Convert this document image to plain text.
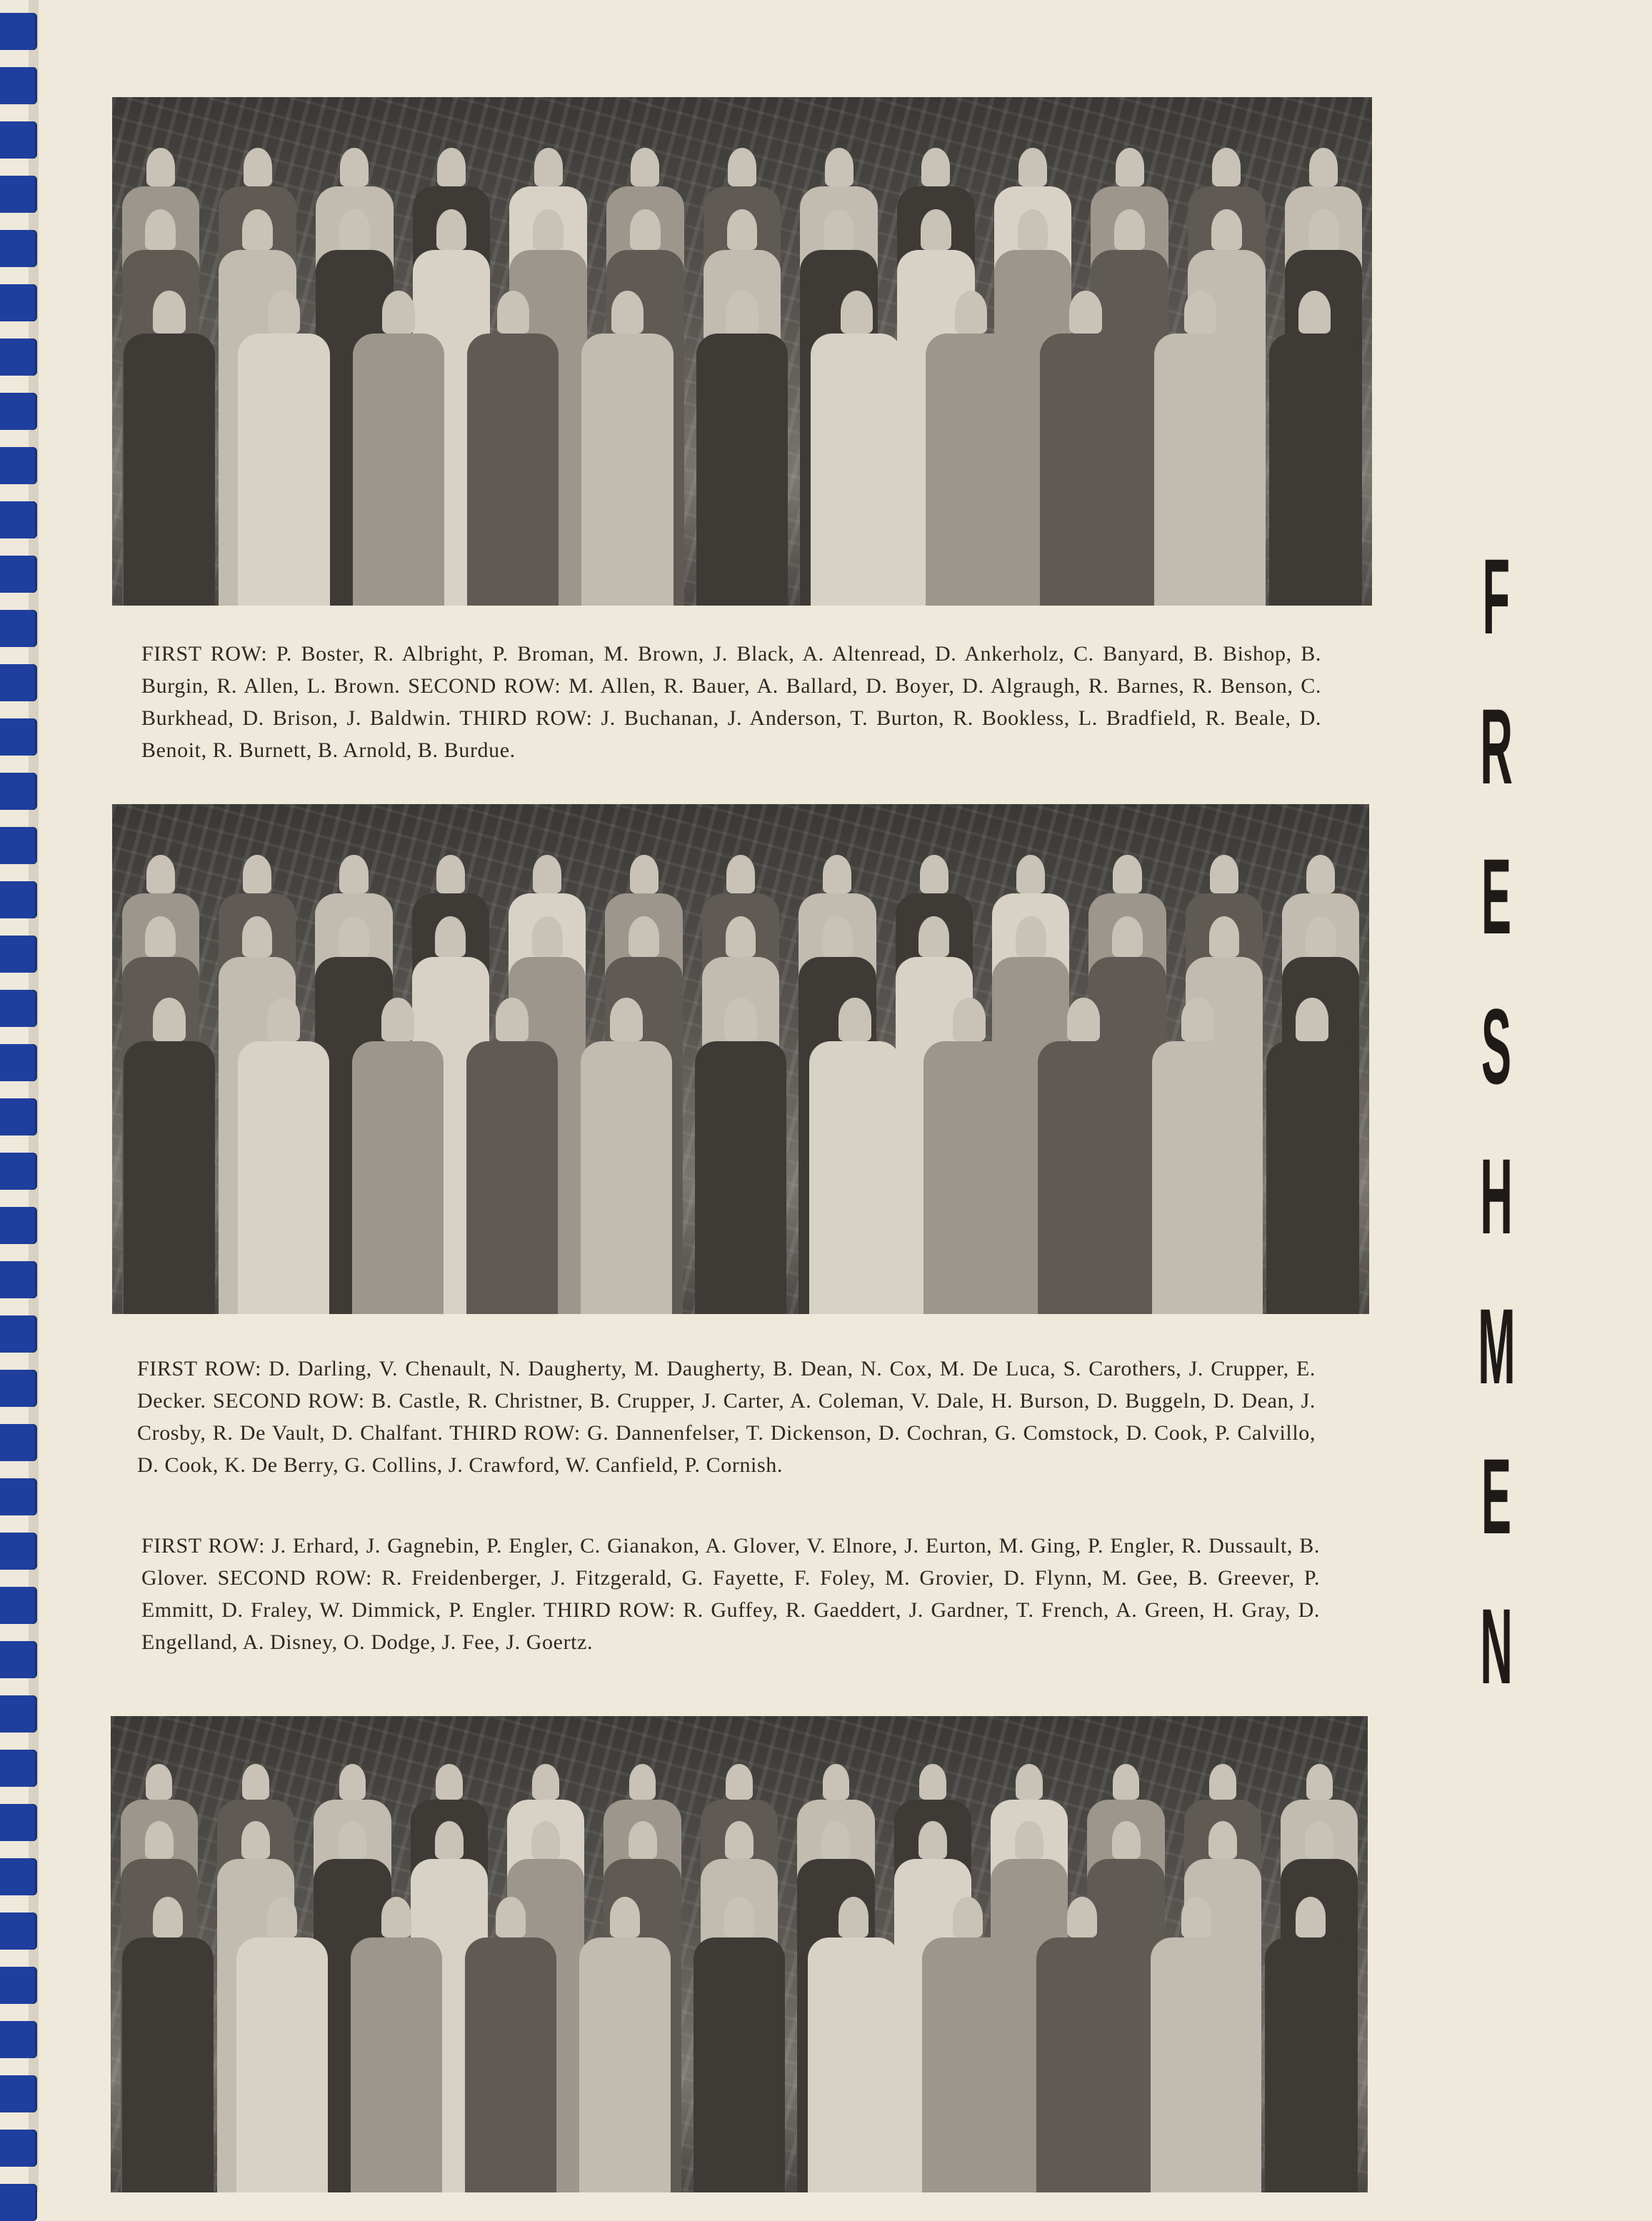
FIRST ROW: P. Boster, R. Albright, P. Broman, M. Brown, J. Black, A. Altenread, D. Ankerholz, C. Banyard, B. Bishop, B. Burgin, R. Allen, L. Brown. SECOND ROW: M. Allen, R. Bauer, A. Ballard, D. Boyer, D. Algraugh, R. Barnes, R. Benson, C. Burkhead, D. Brison, J. Baldwin. THIRD ROW: J. Buchanan, J. Anderson, T. Burton, R. Bookless, L. Bradfield, R. Beale, D. Benoit, R. Burnett, B. Arnold, B. Burdue.
FIRST ROW: D. Darling, V. Chenault, N. Daugherty, M. Daugherty, B. Dean, N. Cox, M. De Luca, S. Carothers, J. Crupper, E. Decker. SECOND ROW: B. Castle, R. Christner, B. Crupper, J. Carter, A. Coleman, V. Dale, H. Burson, D. Buggeln, D. Dean, J. Crosby, R. De Vault, D. Chalfant. THIRD ROW: G. Dannenfelser, T. Dickenson, D. Cochran, G. Comstock, D. Cook, P. Calvillo, D. Cook, K. De Berry, G. Collins, J. Crawford, W. Canfield, P. Cornish.
FIRST ROW: J. Erhard, J. Gagnebin, P. Engler, C. Gianakon, A. Glover, V. Elnore, J. Eurton, M. Ging, P. Engler, R. Dussault, B. Glover. SECOND ROW: R. Freidenberger, J. Fitzgerald, G. Fayette, F. Foley, M. Grovier, D. Flynn, M. Gee, B. Greever, P. Emmitt, D. Fraley, W. Dimmick, P. Engler. THIRD ROW: R. Guffey, R. Gaeddert, J. Gardner, T. French, A. Green, H. Gray, D. Engelland, A. Disney, O. Dodge, J. Fee, J. Goertz.
F
R
E
S
H
M
E
N
